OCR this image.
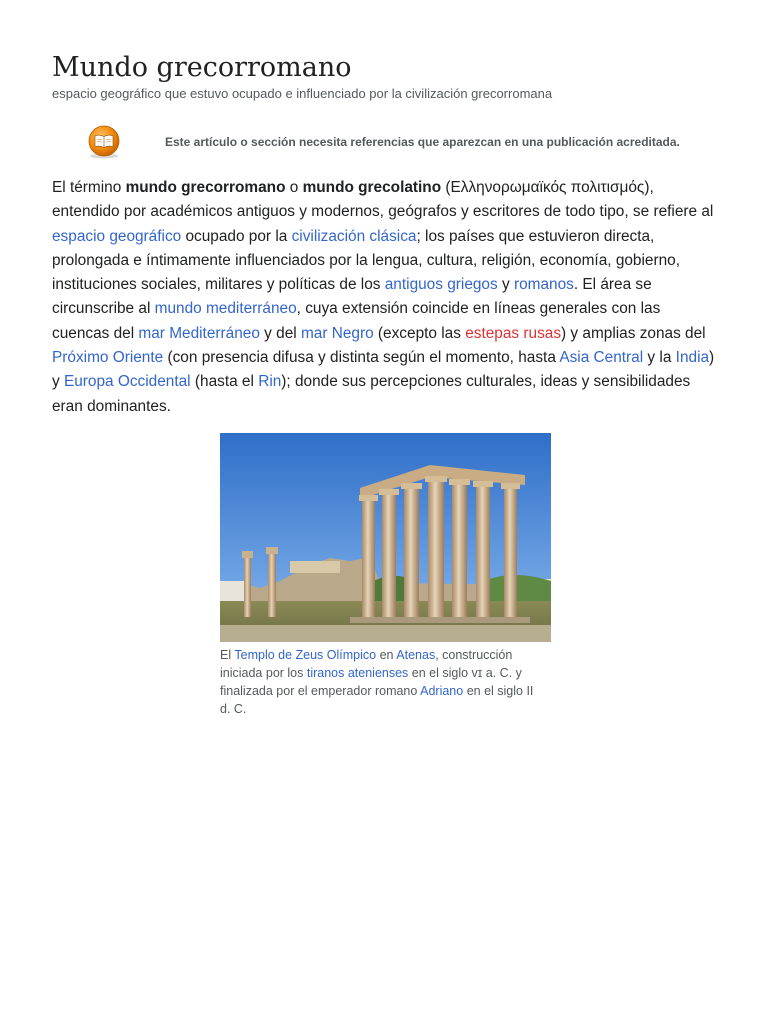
Mundo grecorromano
espacio geográfico que estuvo ocupado e influenciado por la civilización grecorromana
Este artículo o sección necesita referencias que aparezcan en una publicación acreditada.

El término mundo grecorromano o mundo grecolatino (Ελληνορωμαϊκός πολιτισμός), entendido por académicos antiguos y modernos, geógrafos y escritores de todo tipo, se refiere al espacio geográfico ocupado por la civilización clásica; los países que estuvieron directa, prolongada e íntimamente influenciados por la lengua, cultura, religión, economía, gobierno, instituciones sociales, militares y políticas de los antiguos griegos y romanos. El área se circunscribe al mundo mediterráneo, cuya extensión coincide en líneas generales con las cuencas del mar Mediterráneo y del mar Negro (excepto las estepas rusas) y amplias zonas del Próximo Oriente (con presencia difusa y distinta según el momento, hasta Asia Central y la India) y Europa Occidental (hasta el Rin); donde sus percepciones culturales, ideas y sensibilidades eran dominantes.

El Templo de Zeus Olímpico en Atenas, construcción iniciada por los tiranos atenienses en el siglo ᴠɪ a. C. y finalizada por el emperador romano Adriano en el siglo II d. C.
